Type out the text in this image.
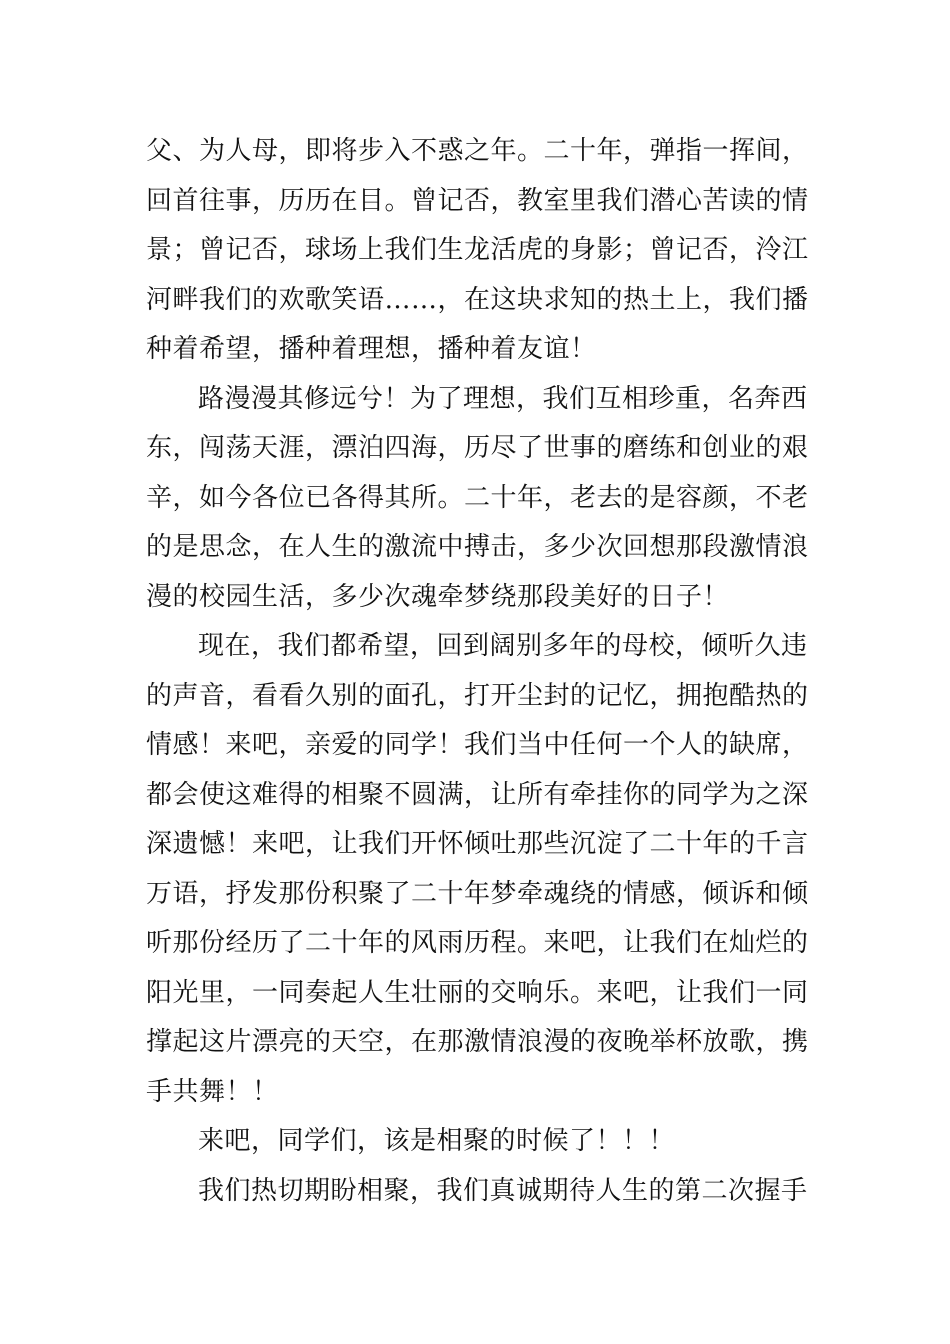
父、为人母，即将步入不惑之年。二十年，弹指一挥间，
回首往事，历历在目。曾记否，教室里我们潜心苦读的情
景；曾记否，球场上我们生龙活虎的身影；曾记否，泠江
河畔我们的欢歌笑语……，在这块求知的热土上，我们播
种着希望，播种着理想，播种着友谊！
路漫漫其修远兮！为了理想，我们互相珍重，名奔西
东，闯荡天涯，漂泊四海，历尽了世事的磨练和创业的艰
辛，如今各位已各得其所。二十年，老去的是容颜，不老
的是思念，在人生的激流中搏击，多少次回想那段激情浪
漫的校园生活，多少次魂牵梦绕那段美好的日子！
现在，我们都希望，回到阔别多年的母校，倾听久违
的声音，看看久别的面孔，打开尘封的记忆，拥抱酷热的
情感！来吧，亲爱的同学！我们当中任何一个人的缺席，
都会使这难得的相聚不圆满，让所有牵挂你的同学为之深
深遗憾！来吧，让我们开怀倾吐那些沉淀了二十年的千言
万语，抒发那份积聚了二十年梦牵魂绕的情感，倾诉和倾
听那份经历了二十年的风雨历程。来吧，让我们在灿烂的
阳光里，一同奏起人生壮丽的交响乐。来吧，让我们一同
撑起这片漂亮的天空，在那激情浪漫的夜晚举杯放歌，携
手共舞！！
来吧，同学们，该是相聚的时候了！！！
我们热切期盼相聚，我们真诚期待人生的第二次握手
